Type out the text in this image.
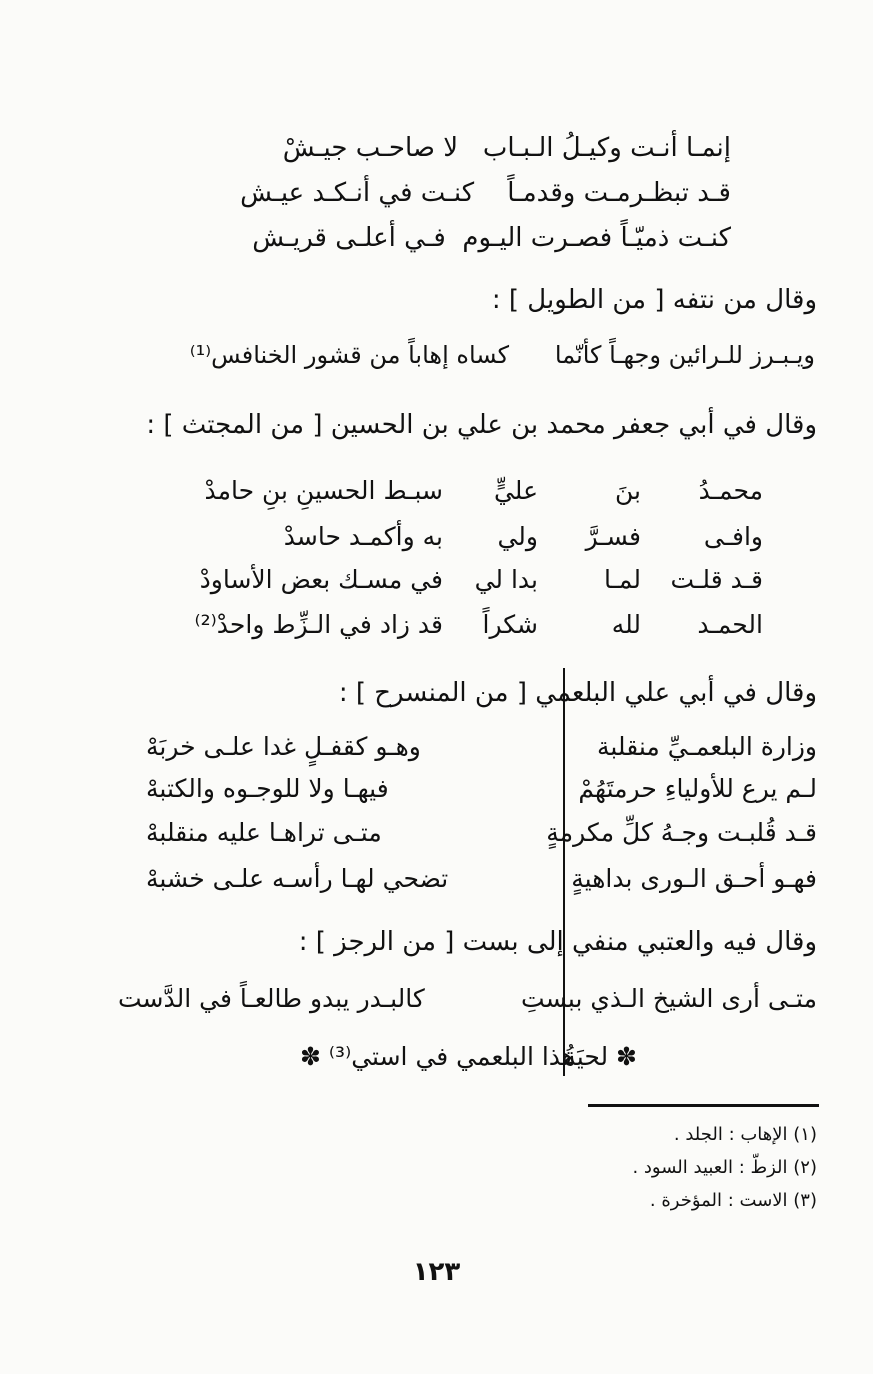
إنمـا أنـت وكيـلُ الـبـاب   لا صاحـب جيـشْ
قـد تبظـرمـت وقدمـاً    كنـت في أنـكـد عيـش
كنـت ذميّـاً فصـرت اليـوم  فـي أعلـى قريـش
وقال من نتفه [ من الطويل ] :
ويـبـرز للـرائين وجهـاً كأنّما      كساه إهاباً من قشور الخنافس⁽¹⁾
وقال في أبي جعفر محمد بن علي بن الحسين [ من المجتث ] :
محمـدُ
بنَ
عليٍّ
سبـط الحسينِ بنِ حامدْ
وافـى
فسـرَّ
ولي
به وأكمـد حاسدْ
قـد قلـت
لمـا
بدا لي
في مسـك بعض الأساودْ
الحمـد
لله
شكراً
قد زاد في الـزِّط واحدْ⁽²⁾
وقال في أبي علي البلعمي [ من المنسرح ] :
وزارة البلعمـيِّ منقلبة
وهـو كقفـلٍ غدا علـى خربَهْ
لـم يرع للأولياءِ حرمتَهُمْ
فيهـا ولا للوجـوه والكتبهْ
قـد قُلبـت وجـهُ كلِّ مكرمةٍ
متـى تراهـا عليه منقلبهْ
فهـو أحـق الـورى بداهيةٍ
تضحي لهـا رأسـه علـى خشبهْ
وقال فيه والعتبي منفي إلى بست [ من الرجز ] :
متـى أرى الشيخ الـذي ببستِ
كالبـدر يبدو طالعـاً في الدَّست
✽ لحيَةُ
هذا البلعمي في استي⁽³⁾ ✽
(١) الإهاب : الجلد .
(٢) الزطّ : العبيد السود .
(٣) الاست : المؤخرة .
١٢٣
